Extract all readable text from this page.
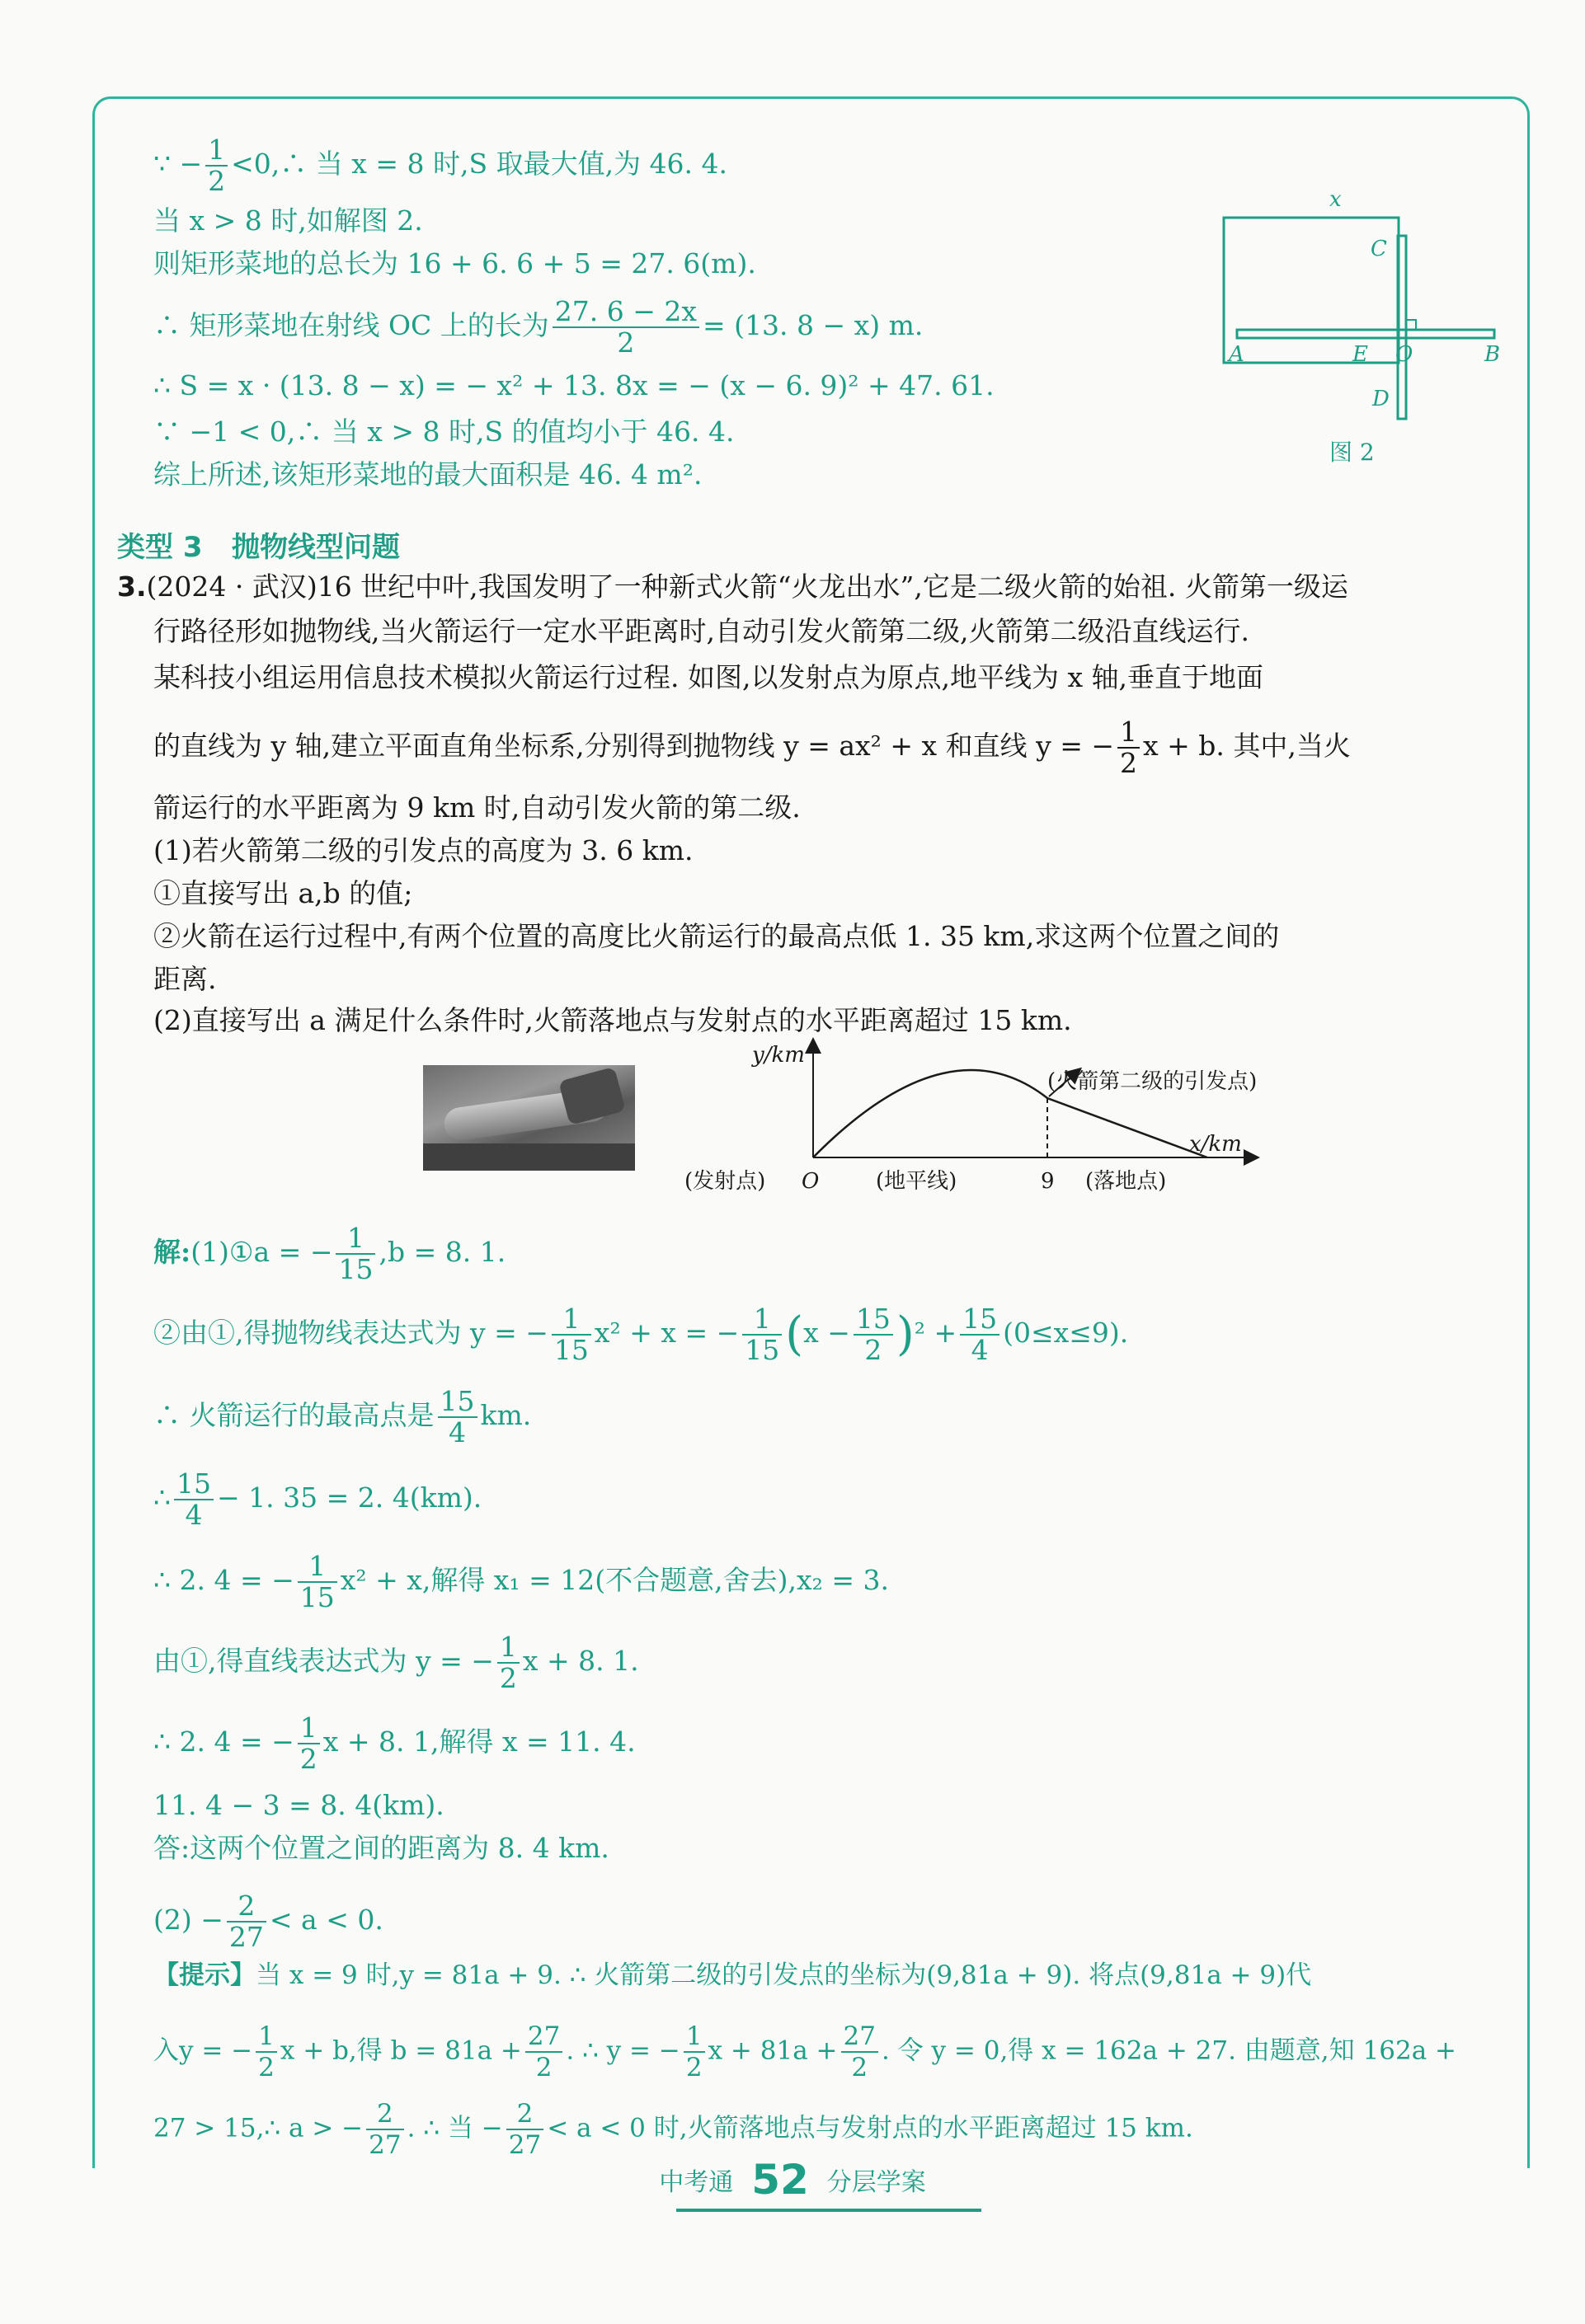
∵ − $\frac{1}{2}$ <0,∴ 当 x = 8 时,S 取最大值,为 46. 4.
当 x > 8 时,如解图 2.
则矩形菜地的总长为 16 + 6. 6 + 5 = 27. 6(m).
∴ 矩形菜地在射线 OC 上的长为 $\frac{27. 6 - 2x}{2} = (13$. 8 − x) m.
∴ S = x · (13. 8 − x) = − x² + 13. 8x = − (x − 6. 9)² + 47. 61.
∵ −1 < 0,∴ 当 x > 8 时,S 的值均小于 46. 4.
综上所述,该矩形菜地的最大面积是 46. 4 m².
x
C
A	E O	B
D
图 2
类型 3 抛物线型问题
3.(2024 · 武汉)16 世纪中叶,我国发明了一种新式火箭“火龙出水”,它是二级火箭的始祖. 火箭第一级运
行路径形如抛物线,当火箭运行一定水平距离时,自动引发火箭第二级,火箭第二级沿直线运行.
某科技小组运用信息技术模拟火箭运行过程. 如图,以发射点为原点,地平线为 x 轴,垂直于地面
的直线为 y 轴,建立平面直角坐标系,分别得到抛物线 y = ax² + x 和直线 y = − $\frac{1}{2}$ x + b. 其中,当火
箭运行的水平距离为 9 km 时,自动引发火箭的第二级.
(1)若火箭第二级的引发点的高度为 3. 6 km.
①直接写出 a,b 的值;
②火箭在运行过程中,有两个位置的高度比火箭运行的最高点低 1. 35 km,求这两个位置之间的
距离.
(2)直接写出 a 满足什么条件时,火箭落地点与发射点的水平距离超过 15 km.
y/km
x/km
(火箭第二级的引发点)
O
(发射点)	(地平线)	9 (落地点)
解:(1)①a = − $\frac{1}{15} ,b = 8$. 1.
②由①,得抛物线表达式为 y = − $\frac{1}{15} x^2 + x$ = − $\frac{1}{15} (x - \frac{15}{2} )^2 + \frac{15}{4} (0\le x\le 9)$.
∴ 火箭运行的最高点是 $\frac{15}{4}$ km.
∴ $\frac{15}{4} - 1$. 35 = 2. 4(km).
∴ 2. 4 = − $\frac{1}{15} x^2 + x$,解得 x₁ = 12(不合题意,舍去),x₂ = 3.
由①,得直线表达式为 y = − $\frac{1}{2}$ x + 8. 1.
∴ 2. 4 = − $\frac{1}{2}$ x + 8. 1,解得 x = 11. 4.
11. 4 − 3 = 8. 4(km).
答:这两个位置之间的距离为 8. 4 km.
$(2) - \frac{2}{27} < a < 0$.
【提示】当 x = 9 时,y = 81a + 9. ∴ 火箭第二级的引发点的坐标为(9,81a + 9). 将点(9,81a + 9)代
入y = − $\frac{1}{2}$ x + b,得 $b = 81a + \frac{27}{2}$ . ∴ y = − $\frac{1}{2}$ $x + 81a + \frac{27}{2}$ . 令 y = 0,得 x = 162a + 27. 由题意,知 162a +
27 > 15,∴ a > − $\frac{2}{27}$ . ∴ 当 − $\frac{2}{27} < a < 0$ 时,火箭落地点与发射点的水平距离超过 15 km.
中考通 52 分层学案
